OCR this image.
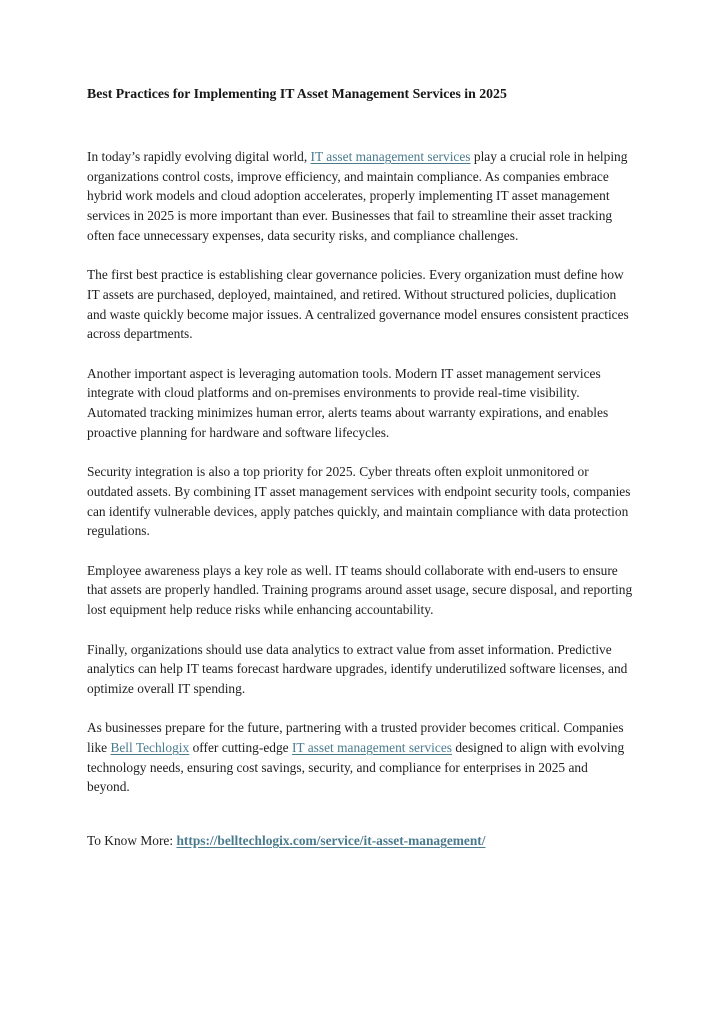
Best Practices for Implementing IT Asset Management Services in 2025

In today’s rapidly evolving digital world, IT asset management services play a crucial role in helping organizations control costs, improve efficiency, and maintain compliance. As companies embrace hybrid work models and cloud adoption accelerates, properly implementing IT asset management services in 2025 is more important than ever. Businesses that fail to streamline their asset tracking often face unnecessary expenses, data security risks, and compliance challenges.

The first best practice is establishing clear governance policies. Every organization must define how IT assets are purchased, deployed, maintained, and retired. Without structured policies, duplication and waste quickly become major issues. A centralized governance model ensures consistent practices across departments.

Another important aspect is leveraging automation tools. Modern IT asset management services integrate with cloud platforms and on-premises environments to provide real-time visibility. Automated tracking minimizes human error, alerts teams about warranty expirations, and enables proactive planning for hardware and software lifecycles.

Security integration is also a top priority for 2025. Cyber threats often exploit unmonitored or outdated assets. By combining IT asset management services with endpoint security tools, companies can identify vulnerable devices, apply patches quickly, and maintain compliance with data protection regulations.

Employee awareness plays a key role as well. IT teams should collaborate with end-users to ensure that assets are properly handled. Training programs around asset usage, secure disposal, and reporting lost equipment help reduce risks while enhancing accountability.

Finally, organizations should use data analytics to extract value from asset information. Predictive analytics can help IT teams forecast hardware upgrades, identify underutilized software licenses, and optimize overall IT spending.

As businesses prepare for the future, partnering with a trusted provider becomes critical. Companies like Bell Techlogix offer cutting-edge IT asset management services designed to align with evolving technology needs, ensuring cost savings, security, and compliance for enterprises in 2025 and beyond.

To Know More: https://belltechlogix.com/service/it-asset-management/
